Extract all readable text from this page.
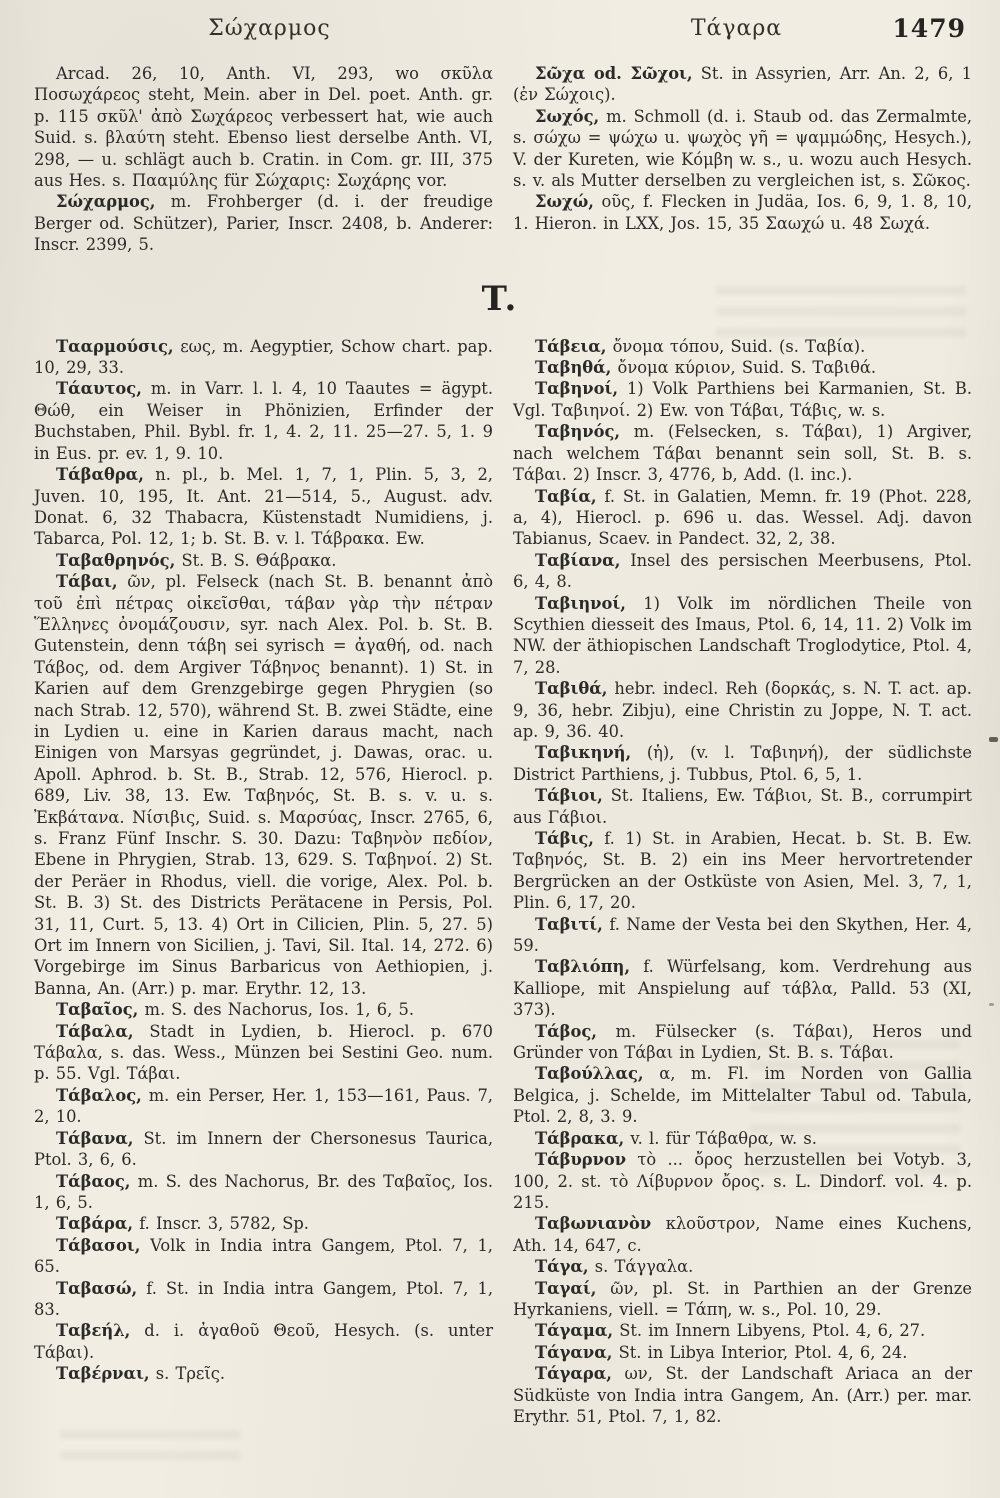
Σώχαρμος	Τάγαρα	1479

Arcad. 26, 10, Anth. VI, 293, wo σκῦλα Ποσωχάρεος steht, Mein. aber in Del. poet. Anth. gr. p. 115 σκῦλ' ἀπὸ Σωχάρεος verbessert hat, wie auch Suid. s. βλαύτη steht. Ebenso liest derselbe Anth. VI, 298, — u. schlägt auch b. Cratin. in Com. gr. III, 375 aus Hes. s. Πααμύλης für Σώχαρις: Σωχάρης vor.

Σώχαρμος, m. Frohberger (d. i. der freudige Berger od. Schützer), Parier, Inscr. 2408, b. Anderer: Inscr. 2399, 5.

Σῶχα od. Σῶχοι, St. in Assyrien, Arr. An. 2, 6, 1 (ἐν Σώχοις).

Σωχός, m. Schmoll (d. i. Staub od. das Zermalmte, s. σώχω = ψώχω u. ψωχὸς γῆ = ψαμμώδης, Hesych.), V. der Kureten, wie Κόμβη w. s., u. wozu auch Hesych. s. v. als Mutter derselben zu vergleichen ist, s. Σῶκος.

Σωχώ, οῦς, f. Flecken in Judäa, Ios. 6, 9, 1. 8, 10, 1. Hieron. in LXX, Jos. 15, 35 Σαωχώ u. 48 Σωχά.

T.

Τααρμούσις, εως, m. Aegyptier, Schow chart. pap. 10, 29, 33.

Τάαυτος, m. in Varr. l. l. 4, 10 Taautes = ägypt. Θώθ, ein Weiser in Phönizien, Erfinder der Buchstaben, Phil. Bybl. fr. 1, 4. 2, 11. 25—27. 5, 1. 9 in Eus. pr. ev. 1, 9. 10.

Τάβαθρα, n. pl., b. Mel. 1, 7, 1, Plin. 5, 3, 2, Juven. 10, 195, It. Ant. 21—514, 5., August. adv. Donat. 6, 32 Thabacra, Küstenstadt Numidiens, j. Tabarca, Pol. 12, 1; b. St. B. v. l. Τάβρακα. Ew.

Ταβαθρηνός, St. B. S. Θάβρακα.

Τάβαι, ῶν, pl. Felseck (nach St. B. benannt ἀπὸ τοῦ ἐπὶ πέτρας οἰκεῖσθαι, τάβαν γὰρ τὴν πέτραν Ἕλληνες ὀνομάζουσιν, syr. nach Alex. Pol. b. St. B. Gutenstein, denn τάβη sei syrisch = ἀγαθή, od. nach Τάβος, od. dem Argiver Τάβηνος benannt). 1) St. in Karien auf dem Grenzgebirge gegen Phrygien (so nach Strab. 12, 570), während St. B. zwei Städte, eine in Lydien u. eine in Karien daraus macht, nach Einigen von Marsyas gegründet, j. Dawas, orac. u. Apoll. Aphrod. b. St. B., Strab. 12, 576, Hierocl. p. 689, Liv. 38, 13. Ew. Ταβηνός, St. B. s. v. u. s. Ἐκβάτανα. Νίσιβις, Suid. s. Μαρσύας, Inscr. 2765, 6, s. Franz Fünf Inschr. S. 30. Dazu: Ταβηνὸν πεδίον, Ebene in Phrygien, Strab. 13, 629. S. Ταβηνοί. 2) St. der Peräer in Rhodus, viell. die vorige, Alex. Pol. b. St. B. 3) St. des Districts Perätacene in Persis, Pol. 31, 11, Curt. 5, 13. 4) Ort in Cilicien, Plin. 5, 27. 5) Ort im Innern von Sicilien, j. Tavi, Sil. Ital. 14, 272. 6) Vorgebirge im Sinus Barbaricus von Aethiopien, j. Banna, An. (Arr.) p. mar. Erythr. 12, 13.

Ταβαῖος, m. S. des Nachorus, Ios. 1, 6, 5.

Τάβαλα, Stadt in Lydien, b. Hierocl. p. 670 Τάβαλα, s. das. Wess., Münzen bei Sestini Geo. num. p. 55. Vgl. Τάβαι.

Τάβαλος, m. ein Perser, Her. 1, 153—161, Paus. 7, 2, 10.

Τάβανα, St. im Innern der Chersonesus Taurica, Ptol. 3, 6, 6.

Τάβαος, m. S. des Nachorus, Br. des Ταβαῖος, Ios. 1, 6, 5.

Ταβάρα, f. Inscr. 3, 5782, Sp.

Τάβασοι, Volk in India intra Gangem, Ptol. 7, 1, 65.

Ταβασώ, f. St. in India intra Gangem, Ptol. 7, 1, 83.

Ταβεήλ, d. i. ἀγαθοῦ Θεοῦ, Hesych. (s. unter Τάβαι).

Ταβέρναι, s. Τρεῖς.

Τάβεια, ὄνομα τόπου, Suid. (s. Ταβία).

Ταβηθά, ὄνομα κύριον, Suid. S. Ταβιθά.

Ταβηνοί, 1) Volk Parthiens bei Karmanien, St. B. Vgl. Ταβιηνοί. 2) Ew. von Τάβαι, Τάβις, w. s.

Ταβηνός, m. (Felsecken, s. Τάβαι), 1) Argiver, nach welchem Τάβαι benannt sein soll, St. B. s. Τάβαι. 2) Inscr. 3, 4776, b, Add. (l. inc.).

Ταβία, f. St. in Galatien, Memn. fr. 19 (Phot. 228, a, 4), Hierocl. p. 696 u. das. Wessel. Adj. davon Tabianus, Scaev. in Pandect. 32, 2, 38.

Ταβίανα, Insel des persischen Meerbusens, Ptol. 6, 4, 8.

Ταβιηνοί, 1) Volk im nördlichen Theile von Scythien diesseit des Imaus, Ptol. 6, 14, 11. 2) Volk im NW. der äthiopischen Landschaft Troglodytice, Ptol. 4, 7, 28.

Ταβιθά, hebr. indecl. Reh (δορκάς, s. N. T. act. ap. 9, 36, hebr. Zibju), eine Christin zu Joppe, N. T. act. ap. 9, 36. 40.

Ταβικηνή, (ἡ), (v. l. Ταβιηνή), der südlichste District Parthiens, j. Tubbus, Ptol. 6, 5, 1.

Τάβιοι, St. Italiens, Ew. Τάβιοι, St. B., corrumpirt aus Γάβιοι.

Τάβις, f. 1) St. in Arabien, Hecat. b. St. B. Ew. Ταβηνός, St. B. 2) ein ins Meer hervortretender Bergrücken an der Ostküste von Asien, Mel. 3, 7, 1, Plin. 6, 17, 20.

Ταβιτί, f. Name der Vesta bei den Skythen, Her. 4, 59.

Ταβλιόπη, f. Würfelsang, kom. Verdrehung aus Kalliope, mit Anspielung auf τάβλα, Palld. 53 (XI, 373).

Τάβος, m. Fülsecker (s. Τάβαι), Heros und Gründer von Τάβαι in Lydien, St. B. s. Τάβαι.

Ταβούλλας, α, m. Fl. im Norden von Gallia Belgica, j. Schelde, im Mittelalter Tabul od. Tabula, Ptol. 2, 8, 3. 9.

Τάβρακα, v. l. für Τάβαθρα, w. s.

Τάβυρνον τὸ ... ὄρος herzustellen bei Votyb. 3, 100, 2. st. τὸ Λίβυρνον ὄρος. s. L. Dindorf. vol. 4. p. 215.

Ταβωνιανὸν κλοῦστρον, Name eines Kuchens, Ath. 14, 647, c.

Τάγα, s. Τάγγαλα.

Ταγαί, ῶν, pl. St. in Parthien an der Grenze Hyrkaniens, viell. = Τάπη, w. s., Pol. 10, 29.

Τάγαμα, St. im Innern Libyens, Ptol. 4, 6, 27.

Τάγανα, St. in Libya Interior, Ptol. 4, 6, 24.

Τάγαρα, ων, St. der Landschaft Ariaca an der Südküste von India intra Gangem, An. (Arr.) per. mar. Erythr. 51, Ptol. 7, 1, 82.
